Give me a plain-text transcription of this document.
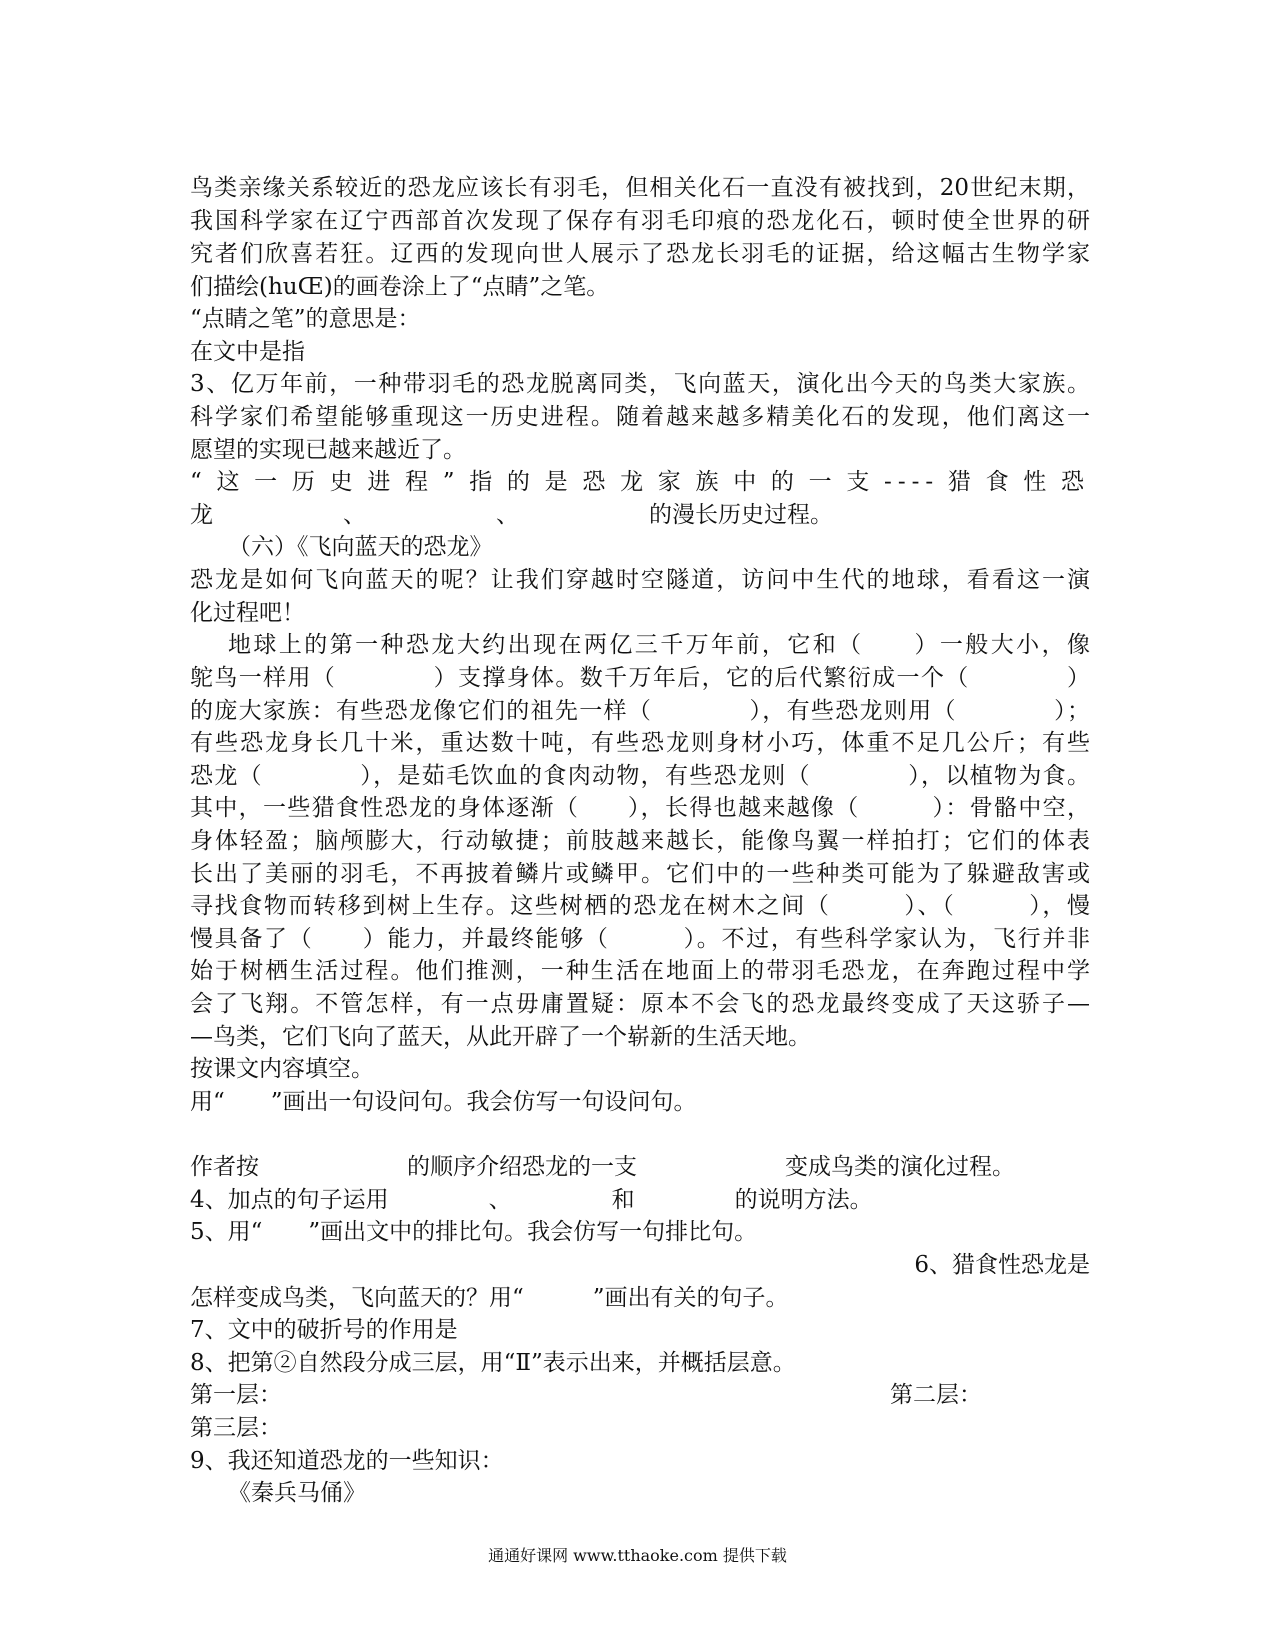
鸟类亲缘关系较近的恐龙应该长有羽毛，但相关化石一直没有被找到，20世纪末期，
我国科学家在辽宁西部首次发现了保存有羽毛印痕的恐龙化石，顿时使全世界的研
究者们欣喜若狂。辽西的发现向世人展示了恐龙长羽毛的证据，给这幅古生物学家
们描绘(huŒ)的画卷涂上了“点睛”之笔。
“点睛之笔”的意思是：
在文中是指
3、亿万年前，一种带羽毛的恐龙脱离同类，飞向蓝天，演化出今天的鸟类大家族。
科学家们希望能够重现这一历史进程。随着越来越多精美化石的发现，他们离这一
愿望的实现已越来越近了。
“这一历史进程”指的是恐龙家族中的一支----猎食性恐
龙	、	、	的漫长历史过程。
（六）《飞向蓝天的恐龙》
恐龙是如何飞向蓝天的呢？让我们穿越时空隧道，访问中生代的地球，看看这一演
化过程吧！
地球上的第一种恐龙大约出现在两亿三千万年前，它和（　　）一般大小，像
鸵鸟一样用（　　　　）支撑身体。数千万年后，它的后代繁衍成一个（　　　　）
的庞大家族：有些恐龙像它们的祖先一样（　　　　），有些恐龙则用（　　　　）；
有些恐龙身长几十米，重达数十吨，有些恐龙则身材小巧，体重不足几公斤；有些
恐龙（　　　　），是茹毛饮血的食肉动物，有些恐龙则（　　　　），以植物为食。
其中，一些猎食性恐龙的身体逐渐（　　），长得也越来越像（　　　）：骨骼中空，
身体轻盈；脑颅膨大，行动敏捷；前肢越来越长，能像鸟翼一样拍打；它们的体表
长出了美丽的羽毛，不再披着鳞片或鳞甲。它们中的一些种类可能为了躲避敌害或
寻找食物而转移到树上生存。这些树栖的恐龙在树木之间（　　　）、（　　　），慢
慢具备了（　　）能力，并最终能够（　　　）。不过，有些科学家认为，飞行并非
始于树栖生活过程。他们推测，一种生活在地面上的带羽毛恐龙，在奔跑过程中学
会了飞翔。不管怎样，有一点毋庸置疑：原本不会飞的恐龙最终变成了天这骄子—
—鸟类，它们飞向了蓝天，从此开辟了一个崭新的生活天地。
按课文内容填空。
用“　　”画出一句设问句。我会仿写一句设问句。
作者按	的顺序介绍恐龙的一支	变成鸟类的演化过程。
4、加点的句子运用	、	和	的说明方法。
5、用“　　”画出文中的排比句。我会仿写一句排比句。
6、猎食性恐龙是
怎样变成鸟类，飞向蓝天的？用“　　　”画出有关的句子。
7、文中的破折号的作用是
8、把第②自然段分成三层，用“Ⅱ”表示出来，并概括层意。
第一层：	第二层：
第三层：
9、我还知道恐龙的一些知识：
《秦兵马俑》
通通好课网 www.tthaoke.com 提供下载
